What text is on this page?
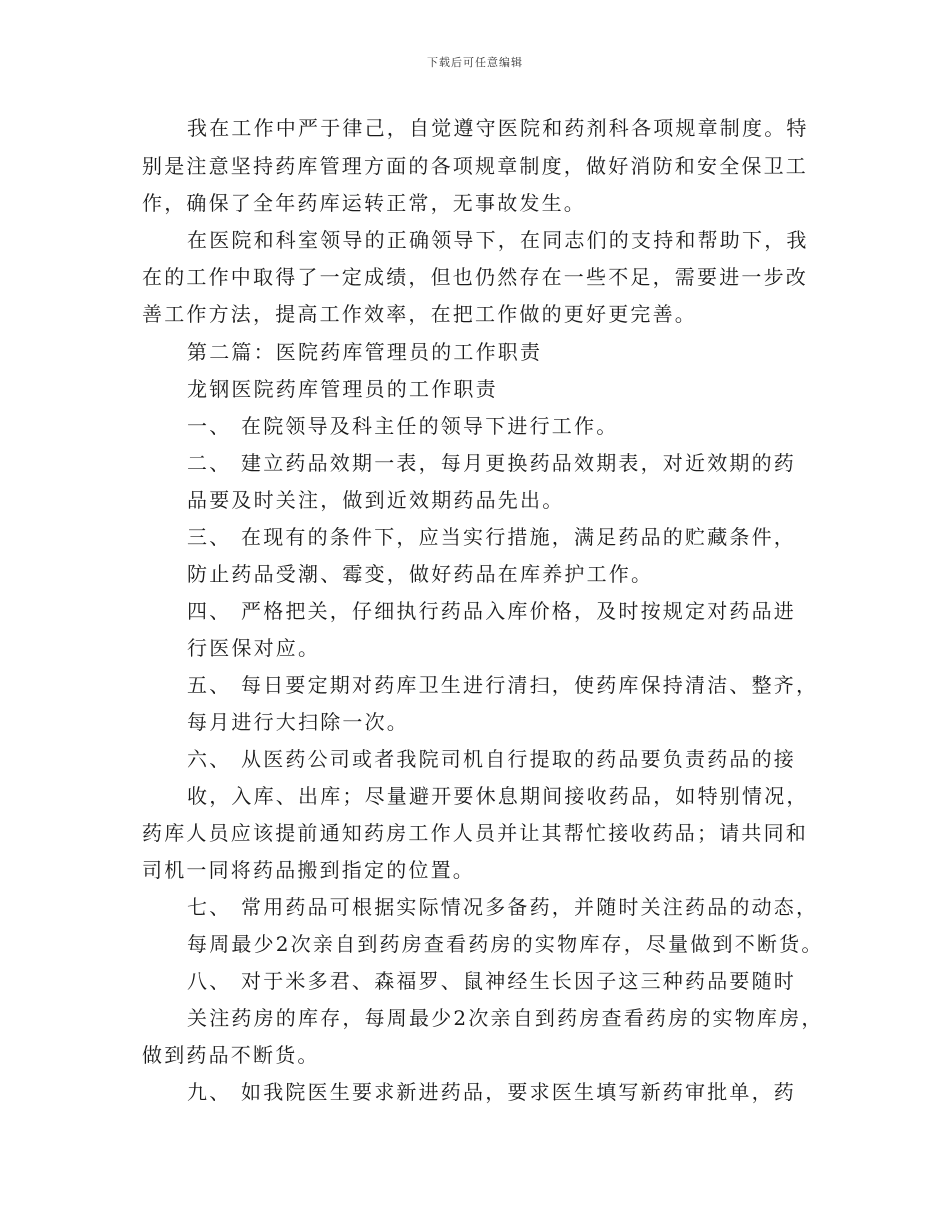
下载后可任意编辑
我在工作中严于律己，自觉遵守医院和药剂科各项规章制度。特
别是注意坚持药库管理方面的各项规章制度，做好消防和安全保卫工
作，确保了全年药库运转正常，无事故发生。
在医院和科室领导的正确领导下，在同志们的支持和帮助下，我
在的工作中取得了一定成绩，但也仍然存在一些不足，需要进一步改
善工作方法，提高工作效率，在把工作做的更好更完善。
第二篇：医院药库管理员的工作职责
龙钢医院药库管理员的工作职责
一、 在院领导及科主任的领导下进行工作。
二、 建立药品效期一表，每月更换药品效期表，对近效期的药
品要及时关注，做到近效期药品先出。
三、 在现有的条件下，应当实行措施，满足药品的贮藏条件，
防止药品受潮、霉变，做好药品在库养护工作。
四、 严格把关，仔细执行药品入库价格，及时按规定对药品进
行医保对应。
五、 每日要定期对药库卫生进行清扫，使药库保持清洁、整齐，
每月进行大扫除一次。
六、 从医药公司或者我院司机自行提取的药品要负责药品的接
收，入库、出库；尽量避开要休息期间接收药品，如特别情况，
药库人员应该提前通知药房工作人员并让其帮忙接收药品；请共同和
司机一同将药品搬到指定的位置。
七、 常用药品可根据实际情况多备药，并随时关注药品的动态，
每周最少2次亲自到药房查看药房的实物库存，尽量做到不断货。
八、 对于米多君、森福罗、鼠神经生长因子这三种药品要随时
关注药房的库存，每周最少2次亲自到药房查看药房的实物库房，
做到药品不断货。
九、 如我院医生要求新进药品，要求医生填写新药审批单，药
